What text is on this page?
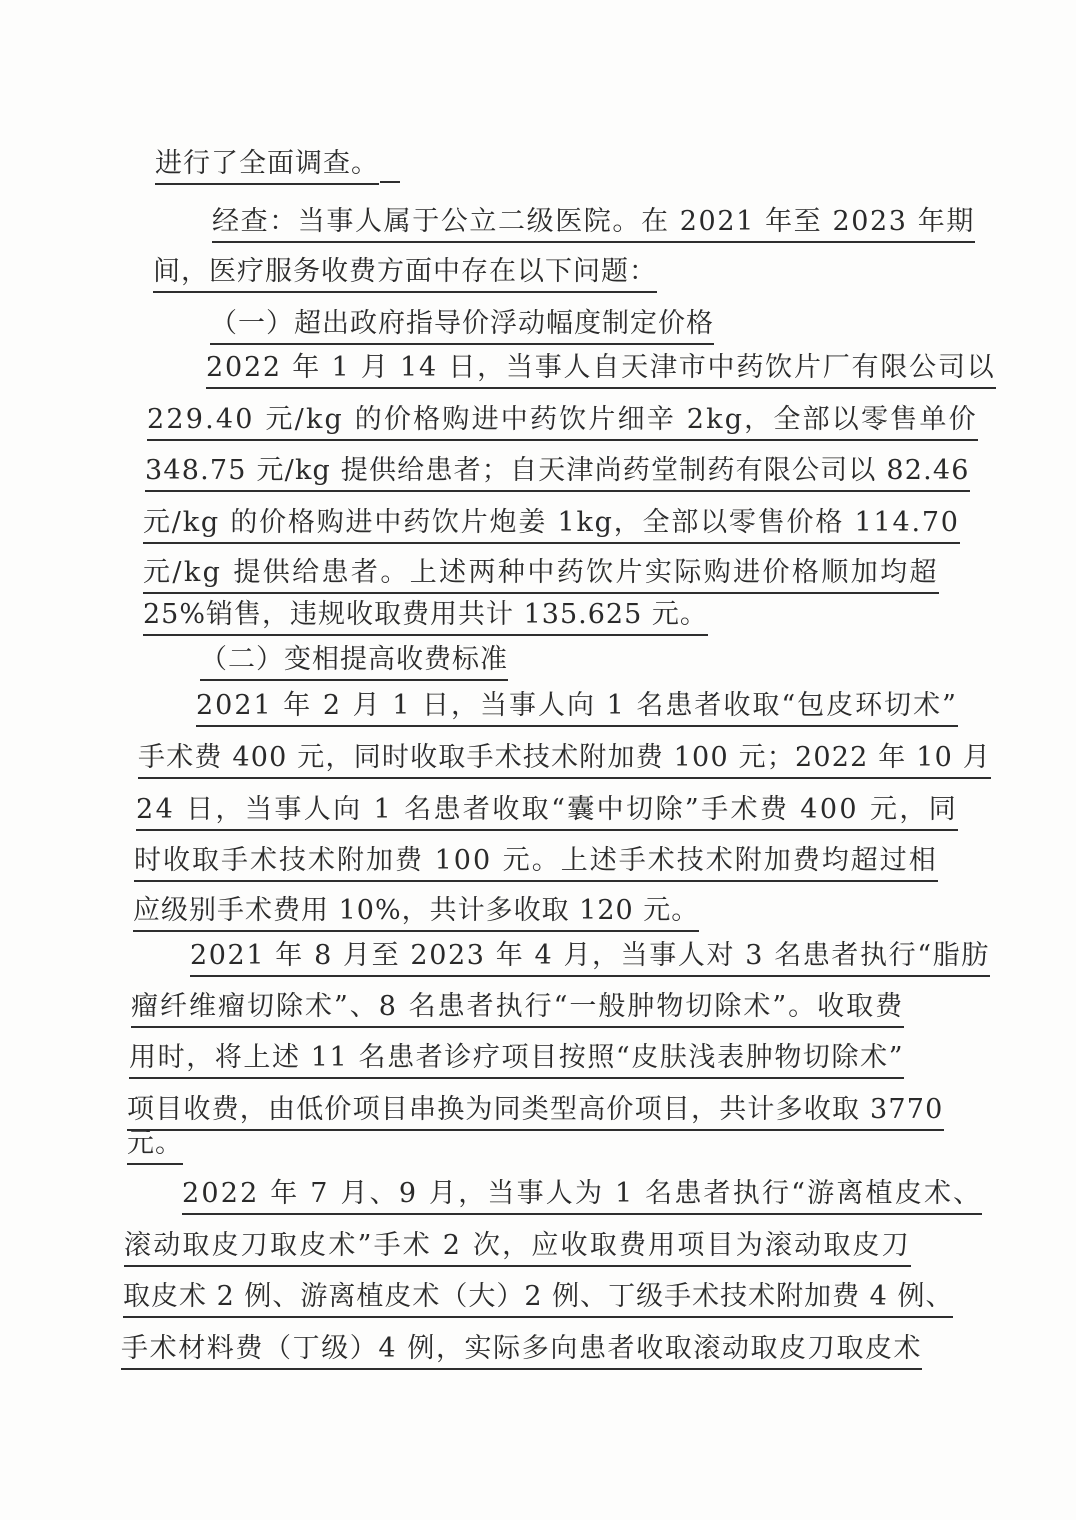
进行了全面调查。
经查：当事人属于公立二级医院。在 2021 年至 2023 年期
间，医疗服务收费方面中存在以下问题：
（一）超出政府指导价浮动幅度制定价格
2022 年 1 月 14 日，当事人自天津市中药饮片厂有限公司以
229.40 元/kg 的价格购进中药饮片细辛 2kg，全部以零售单价
348.75 元/kg 提供给患者；自天津尚药堂制药有限公司以 82.46
元/kg 的价格购进中药饮片炮姜 1kg，全部以零售价格 114.70
元/kg 提供给患者。上述两种中药饮片实际购进价格顺加均超
25%销售，违规收取费用共计 135.625 元。
（二）变相提高收费标准
2021 年 2 月 1 日，当事人向 1 名患者收取“包皮环切术”
手术费 400 元，同时收取手术技术附加费 100 元；2022 年 10 月
24 日，当事人向 1 名患者收取“囊中切除”手术费 400 元，同
时收取手术技术附加费 100 元。上述手术技术附加费均超过相
应级别手术费用 10%，共计多收取 120 元。
2021 年 8 月至 2023 年 4 月，当事人对 3 名患者执行“脂肪
瘤纤维瘤切除术”、8 名患者执行“一般肿物切除术”。收取费
用时，将上述 11 名患者诊疗项目按照“皮肤浅表肿物切除术”
项目收费，由低价项目串换为同类型高价项目，共计多收取 3770
元。
2022 年 7 月、9 月，当事人为 1 名患者执行“游离植皮术、
滚动取皮刀取皮术”手术 2 次，应收取费用项目为滚动取皮刀
取皮术 2 例、游离植皮术（大）2 例、丁级手术技术附加费 4 例、
手术材料费（丁级）4 例，实际多向患者收取滚动取皮刀取皮术
